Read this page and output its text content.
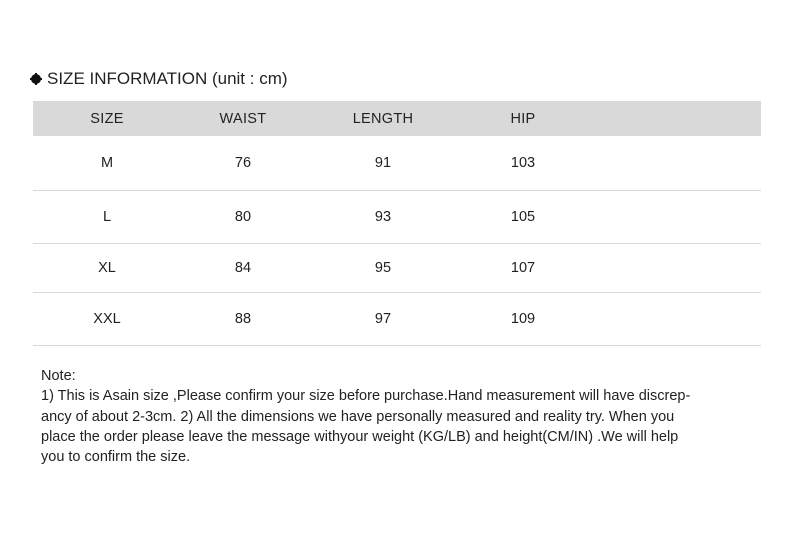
SIZE INFORMATION (unit : cm)
SIZE	WAIST	LENGTH	HIP
M	76	91	103
L	80	93	105
XL	84	95	107
XXL	88	97	109

Note:

1) This is Asain size ,Please confirm your size before purchase.Hand measurement will have discrep-

ancy of about 2-3cm. 2) All the dimensions we have personally measured and reality try. When you

place the order please leave the message withyour weight (KG/LB) and height(CM/IN) .We will help

you to confirm the size.
